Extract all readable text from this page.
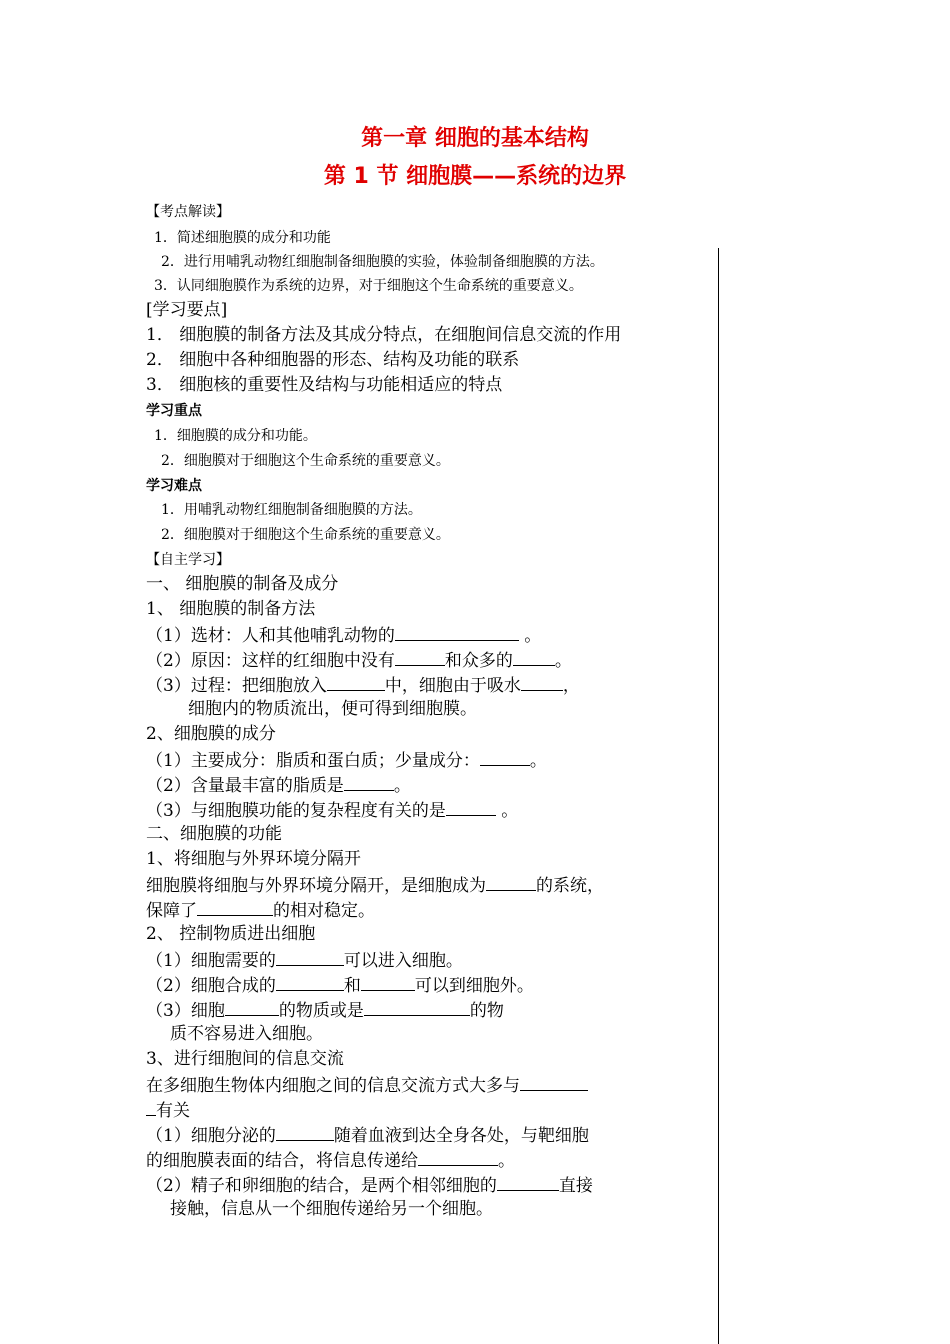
第一章 细胞的基本结构
第 1 节 细胞膜——系统的边界
【考点解读】
1．简述细胞膜的成分和功能
2．进行用哺乳动物红细胞制备细胞膜的实验，体验制备细胞膜的方法。
3．认同细胞膜作为系统的边界，对于细胞这个生命系统的重要意义。
[学习要点]
1． 细胞膜的制备方法及其成分特点，在细胞间信息交流的作用
2． 细胞中各种细胞器的形态、结构及功能的联系
3． 细胞核的重要性及结构与功能相适应的特点
学习重点
1．细胞膜的成分和功能。
2．细胞膜对于细胞这个生命系统的重要意义。
学习难点
1．用哺乳动物红细胞制备细胞膜的方法。
2．细胞膜对于细胞这个生命系统的重要意义。
【自主学习】
一、 细胞膜的制备及成分
1、 细胞膜的制备方法
（1）选材：人和其他哺乳动物的	。
（2）原因：这样的红细胞中没有	和众多的 。
（3）过程：把细胞放入	中，细胞由于吸水 ，
细胞内的物质流出，便可得到细胞膜。
2、细胞膜的成分
（1）主要成分：脂质和蛋白质；少量成分：	。
（2）含量最丰富的脂质是	。
（3）与细胞膜功能的复杂程度有关的是	。
二、细胞膜的功能
1、将细胞与外界环境分隔开
细胞膜将细胞与外界环境分隔开，是细胞成为	的系统，
保障了	的相对稳定。
2、 控制物质进出细胞
（1）细胞需要的	可以进入细胞。
（2）细胞合成的	和	可以到细胞外。
（3）细胞	的物质或是	的物
质不容易进入细胞。
3、进行细胞间的信息交流
在多细胞生物体内细胞之间的信息交流方式大多与
有关
（1）细胞分泌的	随着血液到达全身各处，与靶细胞
的细胞膜表面的结合，将信息传递给	。
（2）精子和卵细胞的结合，是两个相邻细胞的	直接
接触，信息从一个细胞传递给另一个细胞。
